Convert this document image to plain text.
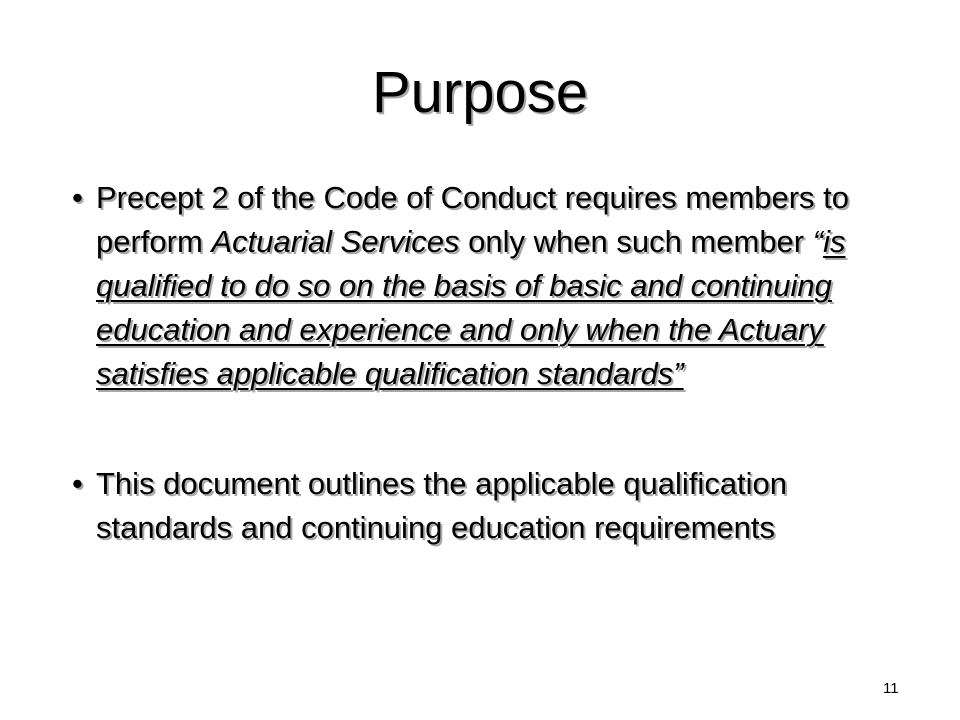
Purpose
• Precept 2 of the Code of Conduct requires members to perform Actuarial Services only when such member “is qualified to do so on the basis of basic and continuing education and experience and only when the Actuary satisfies applicable qualification standards”
• This document outlines the applicable qualification standards and continuing education requirements
11
